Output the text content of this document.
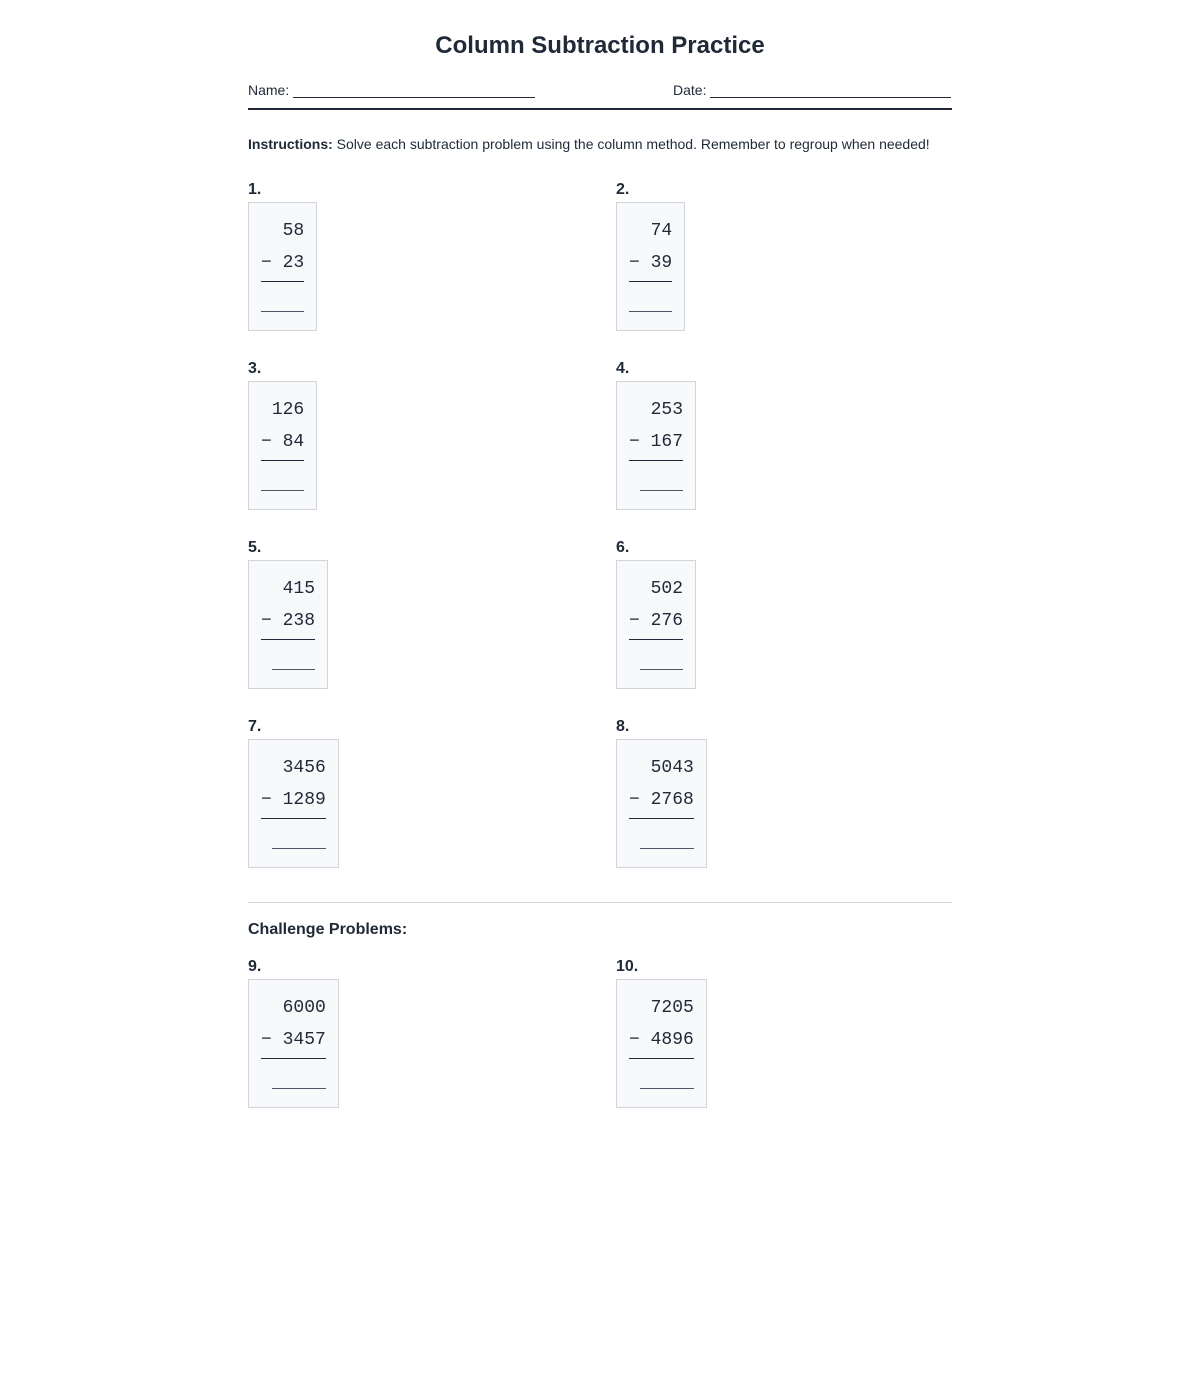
Column Subtraction Practice
Name:	Date:
Instructions: Solve each subtraction problem using the column method. Remember to regroup when needed!
1.
58
− 23
2.
74
− 39
3.
126
− 84
4.
253
− 167
5.
415
− 238
6.
502
− 276
7.
3456
− 1289
8.
5043
− 2768
Challenge Problems:
9.
6000
− 3457
10.
7205
− 4896
